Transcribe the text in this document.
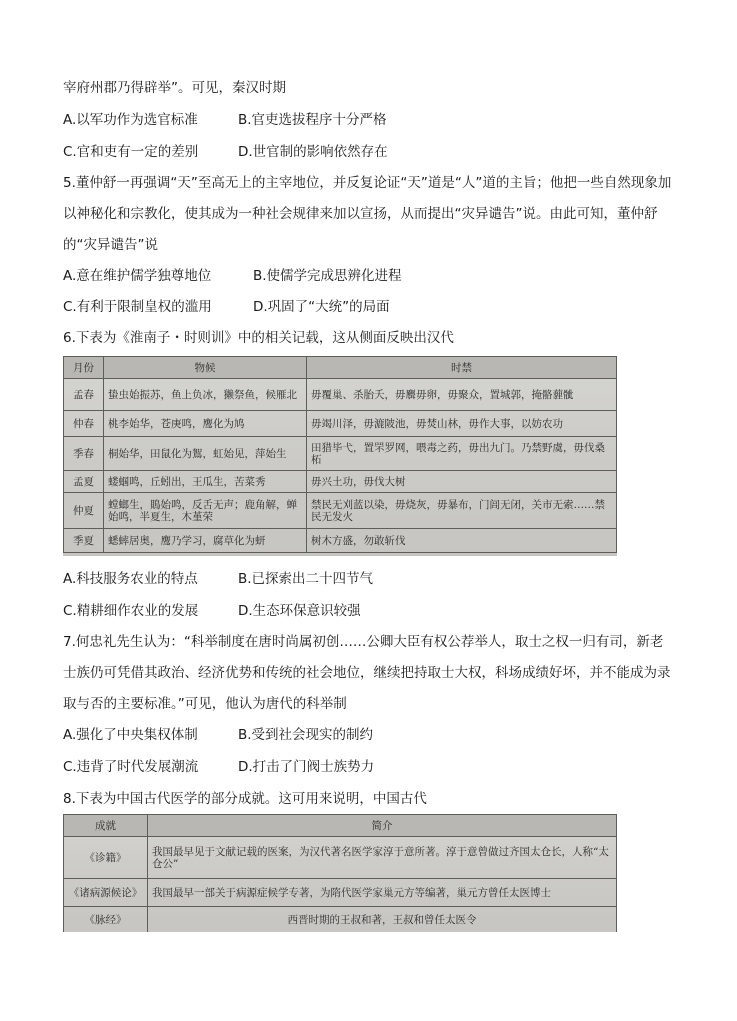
宰府州郡乃得辟举”。可见，秦汉时期
A.以军功作为选官标准	B.官吏选拔程序十分严格
C.官和吏有一定的差别	D.世官制的影响依然存在
5.董仲舒一再强调“天”至高无上的主宰地位，并反复论证“天”道是“人”道的主旨；他把一些自然现象加以神秘化和宗教化，使其成为一种社会规律来加以宣扬，从而提出“灾异谴告”说。由此可知，董仲舒的“灾异谴告”说
A.意在维护儒学独尊地位	B.使儒学完成思辨化进程
C.有利于限制皇权的滥用	D.巩固了“大统”的局面
6.下表为《淮南子・时则训》中的相关记载，这从侧面反映出汉代
月份	物候	时禁
孟春	蛰虫始振苏，鱼上负冰，獭祭鱼，候雁北	毋覆巢、杀胎夭，毋麛毋卵，毋聚众，置城郭，掩骼薶骴
仲春	桃李始华，苍庚鸣，鹰化为鸠	毋竭川泽，毋漉陂池，毋焚山林，毋作大事，以妨农功
季春	桐始华，田鼠化为鴽，虹始见，萍始生	田猎毕弋，置罘罗网，喂毒之药，毋出九门。乃禁野虞，毋伐桑柘
孟夏	蝼蝈鸣，丘蚓出，王瓜生，苦菜秀	毋兴土功，毋伐大树
仲夏	螳螂生，鵙始鸣，反舌无声；鹿角解，蝉始鸣，半夏生，木堇荣	禁民无刈蓝以染，毋烧灰，毋暴布，门闾无闭，关市无索……禁民无发火
季夏	蟋蟀居奥，鹰乃学习，腐草化为蚈	树木方盛，勿敢斩伐
A.科技服务农业的特点	B.已探索出二十四节气
C.精耕细作农业的发展	D.生态环保意识较强
7.何忠礼先生认为：“科举制度在唐时尚属初创……公卿大臣有权公荐举人，取士之权一归有司，新老士族仍可凭借其政治、经济优势和传统的社会地位，继续把持取士大权，科场成绩好坏，并不能成为录取与否的主要标准。”可见，他认为唐代的科举制
A.强化了中央集权体制	B.受到社会现实的制约
C.违背了时代发展潮流	D.打击了门阀士族势力
8.下表为中国古代医学的部分成就。这可用来说明，中国古代
成就	简介
《诊籍》	我国最早见于文献记载的医案，为汉代著名医学家淳于意所著。淳于意曾做过齐国太仓长，人称“太仓公”
《诸病源候论》	我国最早一部关于病源症候学专著，为隋代医学家巢元方等编著，巢元方曾任太医博士
《脉经》	西晋时期的王叔和著，王叔和曾任太医令
